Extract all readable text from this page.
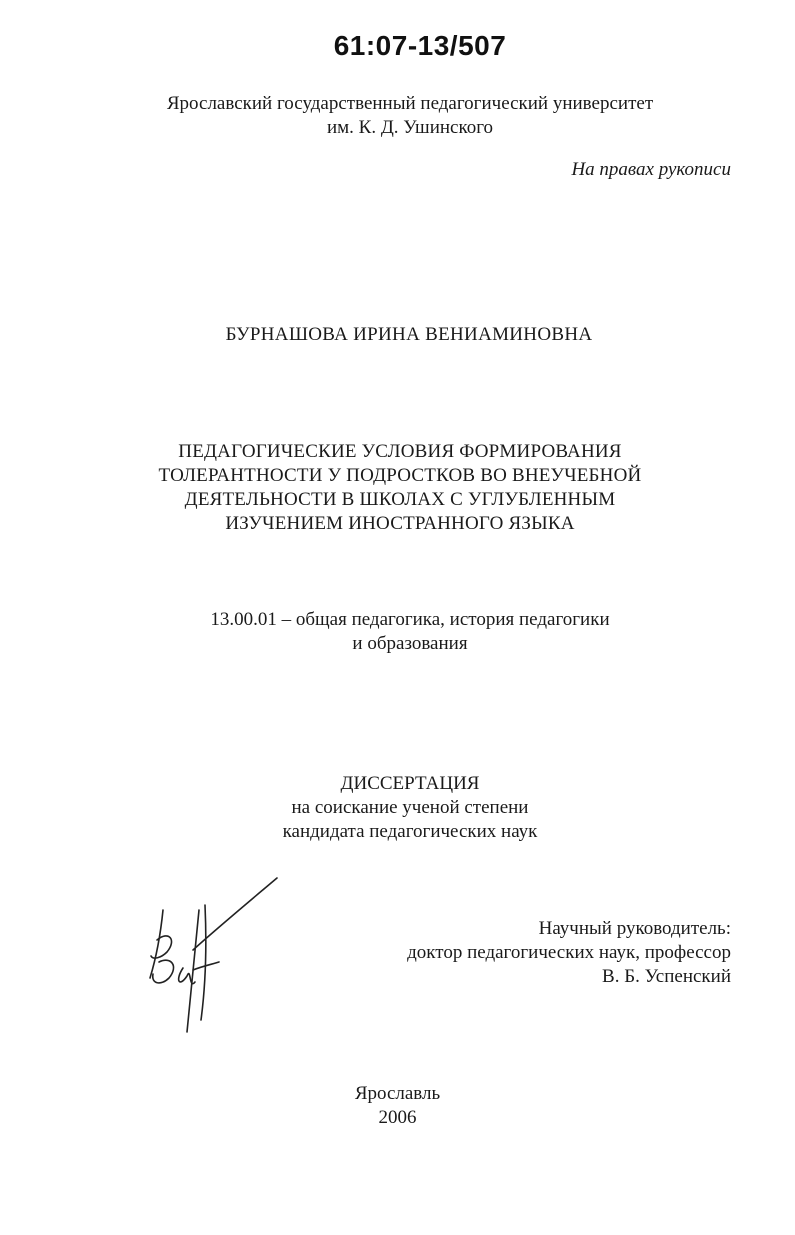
61:07-13/507
Ярославский государственный педагогический университет
им. К. Д. Ушинского
На правах рукописи
БУРНАШОВА ИРИНА ВЕНИАМИНОВНА
ПЕДАГОГИЧЕСКИЕ УСЛОВИЯ ФОРМИРОВАНИЯ
ТОЛЕРАНТНОСТИ У ПОДРОСТКОВ ВО ВНЕУЧЕБНОЙ
ДЕЯТЕЛЬНОСТИ В ШКОЛАХ С УГЛУБЛЕННЫМ
ИЗУЧЕНИЕМ ИНОСТРАННОГО ЯЗЫКА
13.00.01 – общая педагогика, история педагогики
и образования
ДИССЕРТАЦИЯ
на соискание ученой степени
кандидата педагогических наук
Научный руководитель:
доктор педагогических наук, профессор
В. Б. Успенский
Ярославль
2006
